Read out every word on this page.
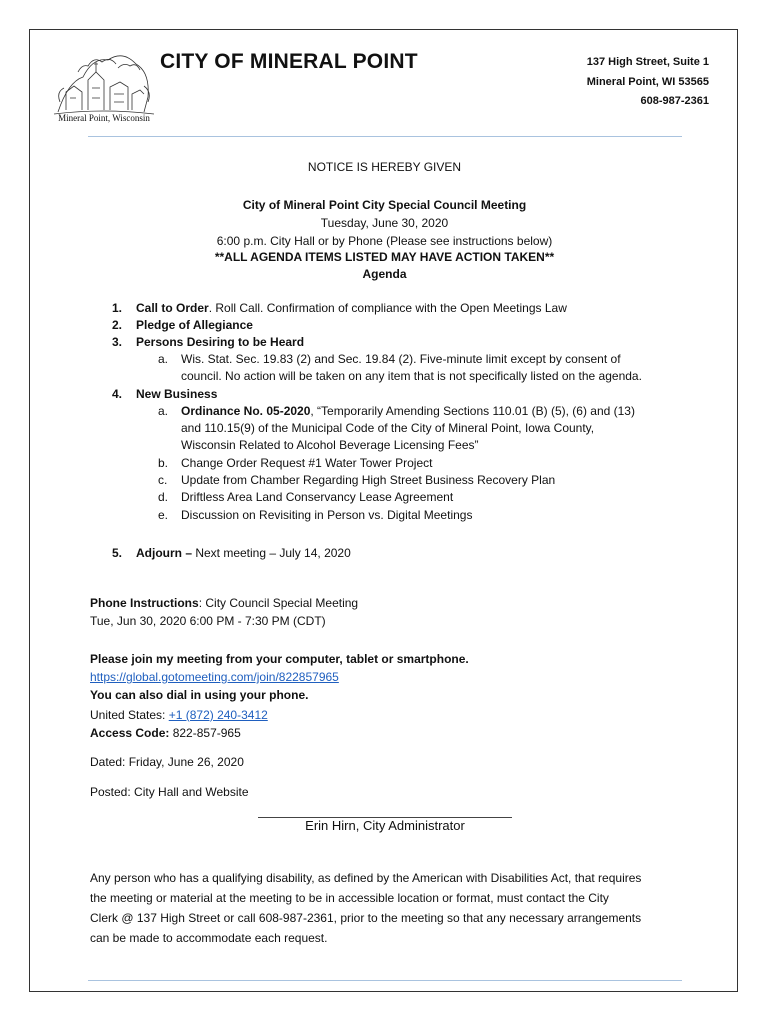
Mineral Point, Wisconsin
CITY OF MINERAL POINT	137 High Street, Suite 1
Mineral Point, WI 53565
608-987-2361
NOTICE IS HEREBY GIVEN
City of Mineral Point City Special Council Meeting
Tuesday, June 30, 2020
6:00 p.m. City Hall or by Phone (Please see instructions below)
**ALL AGENDA ITEMS LISTED MAY HAVE ACTION TAKEN**
Agenda
1.	Call to Order. Roll Call. Confirmation of compliance with the Open Meetings Law
2.	Pledge of Allegiance
3.	Persons Desiring to be Heard
a.	Wis. Stat. Sec. 19.83 (2) and Sec. 19.84 (2). Five-minute limit except by consent of
council. No action will be taken on any item that is not specifically listed on the agenda.
4.	New Business
a.	Ordinance No. 05-2020, “Temporarily Amending Sections 110.01 (B) (5), (6) and (13)
and 110.15(9) of the Municipal Code of the City of Mineral Point, Iowa County,
Wisconsin Related to Alcohol Beverage Licensing Fees”
b.	Change Order Request #1 Water Tower Project
c.	Update from Chamber Regarding High Street Business Recovery Plan
d.	Driftless Area Land Conservancy Lease Agreement
e.	Discussion on Revisiting in Person vs. Digital Meetings
5.	Adjourn – Next meeting – July 14, 2020
Phone Instructions: City Council Special Meeting
Tue, Jun 30, 2020 6:00 PM - 7:30 PM (CDT)
Please join my meeting from your computer, tablet or smartphone.
https://global.gotomeeting.com/join/822857965
You can also dial in using your phone.
United States: +1 (872) 240-3412
Access Code: 822-857-965
Dated: Friday, June 26, 2020
Posted: City Hall and Website
Erin Hirn, City Administrator
Any person who has a qualifying disability, as defined by the American with Disabilities Act, that requires
the meeting or material at the meeting to be in accessible location or format, must contact the City
Clerk @ 137 High Street or call 608-987-2361, prior to the meeting so that any necessary arrangements
can be made to accommodate each request.
